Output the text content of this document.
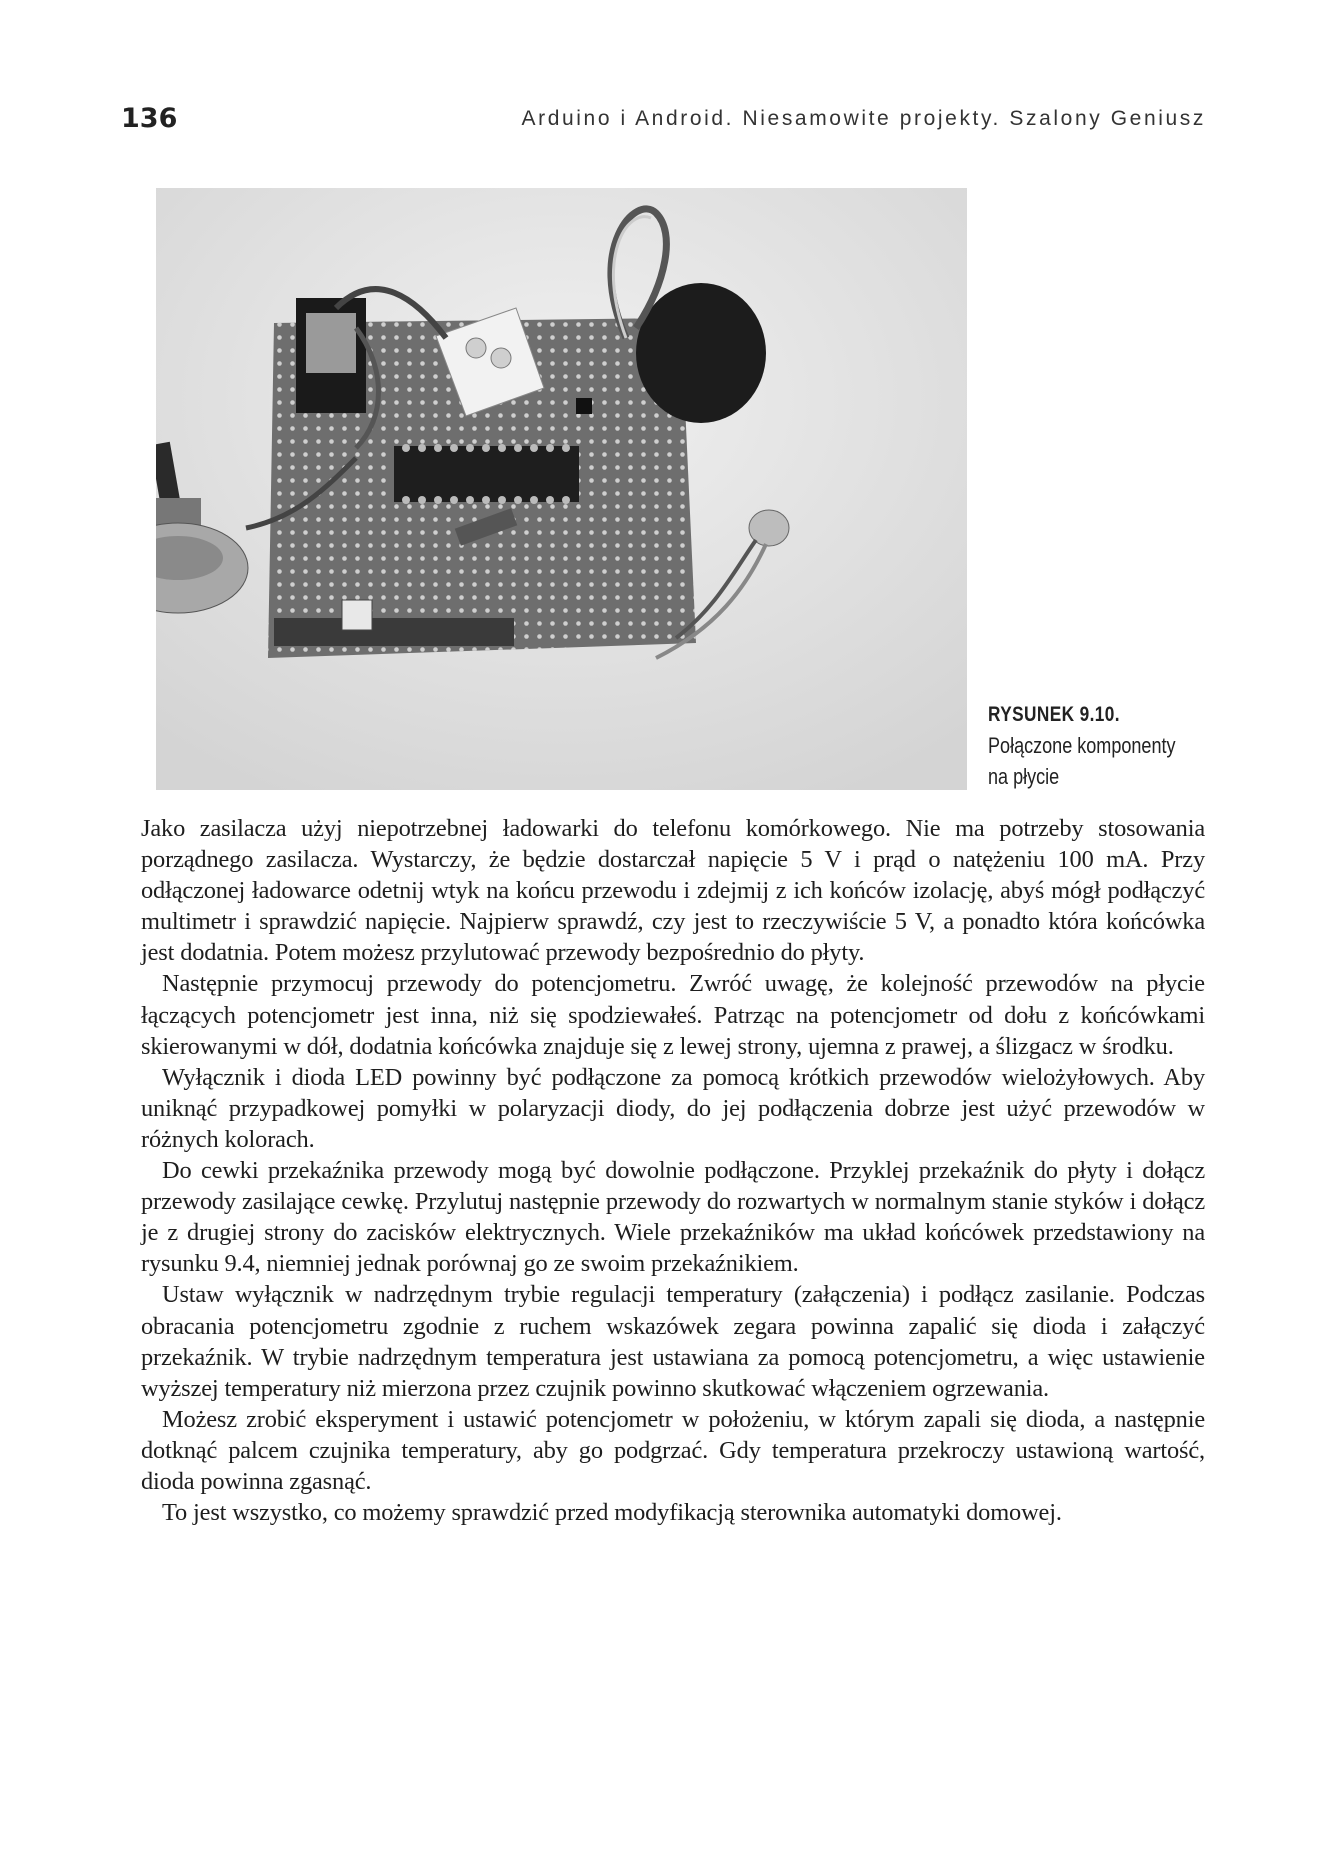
136	Arduino i Android. Niesamowite projekty. Szalony Geniusz
RYSUNEK 9.10.
Połączone komponenty
na płycie

Jako zasilacza użyj niepotrzebnej ładowarki do telefonu komórkowego. Nie ma potrzeby stosowania porządnego zasilacza. Wystarczy, że będzie dostarczał napięcie 5 V i prąd o natężeniu 100 mA. Przy odłączonej ładowarce odetnij wtyk na końcu przewodu i zdejmij z ich końców izolację, abyś mógł podłączyć multimetr i sprawdzić napięcie. Najpierw sprawdź, czy jest to rzeczywiście 5 V, a ponadto która końcówka jest dodatnia. Potem możesz przylutować przewody bezpośrednio do płyty.

Następnie przymocuj przewody do potencjometru. Zwróć uwagę, że kolejność przewodów na płycie łączących potencjometr jest inna, niż się spodziewałeś. Patrząc na potencjometr od dołu z końcówkami skierowanymi w dół, dodatnia końcówka znajduje się z lewej strony, ujemna z prawej, a ślizgacz w środku.

Wyłącznik i dioda LED powinny być podłączone za pomocą krótkich przewodów wielożyłowych. Aby uniknąć przypadkowej pomyłki w polaryzacji diody, do jej podłączenia dobrze jest użyć przewodów w różnych kolorach.

Do cewki przekaźnika przewody mogą być dowolnie podłączone. Przyklej przekaźnik do płyty i dołącz przewody zasilające cewkę. Przylutuj następnie przewody do rozwartych w normalnym stanie styków i dołącz je z drugiej strony do zacisków elektrycznych. Wiele przekaźników ma układ końcówek przedstawiony na rysunku 9.4, niemniej jednak porównaj go ze swoim przekaźnikiem.

Ustaw wyłącznik w nadrzędnym trybie regulacji temperatury (załączenia) i podłącz zasilanie. Podczas obracania potencjometru zgodnie z ruchem wskazówek zegara powinna zapalić się dioda i załączyć przekaźnik. W trybie nadrzędnym temperatura jest ustawiana za pomocą potencjometru, a więc ustawienie wyższej temperatury niż mierzona przez czujnik powinno skutkować włączeniem ogrzewania.

Możesz zrobić eksperyment i ustawić potencjometr w położeniu, w którym zapali się dioda, a następnie dotknąć palcem czujnika temperatury, aby go podgrzać. Gdy temperatura przekroczy ustawioną wartość, dioda powinna zgasnąć.

To jest wszystko, co możemy sprawdzić przed modyfikacją sterownika automatyki domowej.
